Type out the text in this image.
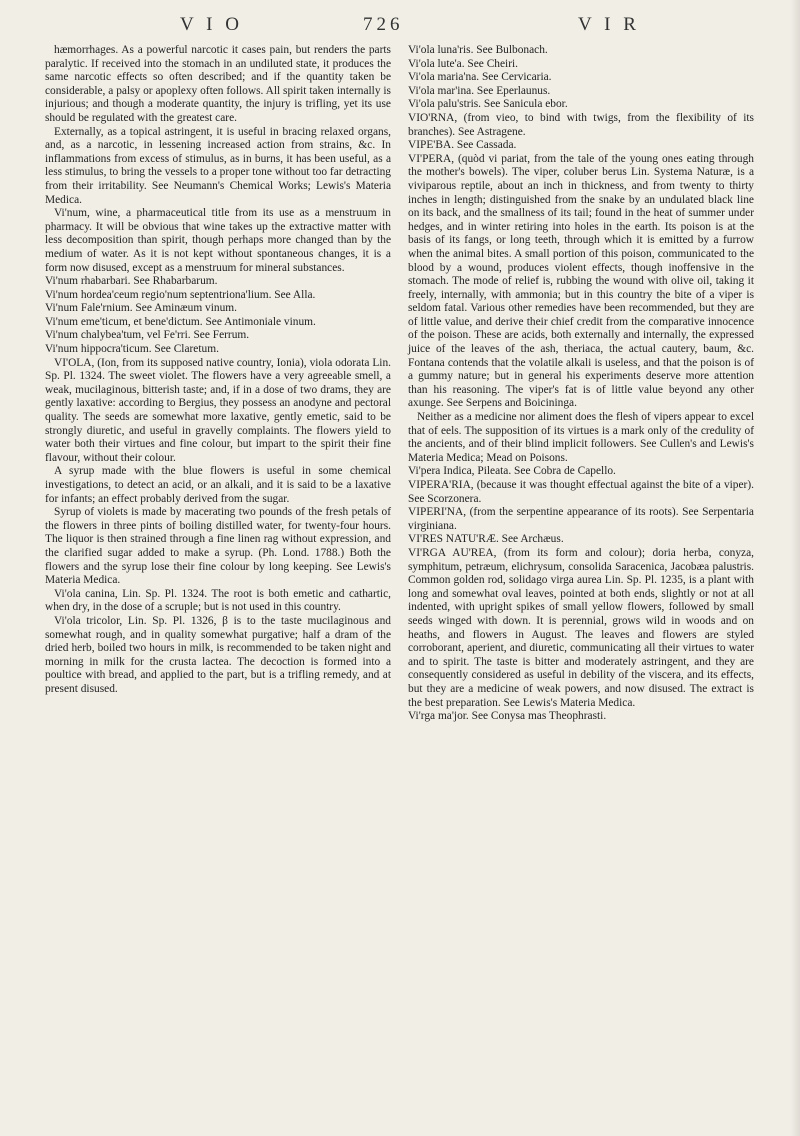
V I O	726	V I R

hæmorrhages. As a powerful narcotic it cases pain, but renders the parts paralytic. If received into the stomach in an undiluted state, it produces the same narcotic effects so often described; and if the quantity taken be considerable, a palsy or apoplexy often follows. All spirit taken internally is injurious; and though a moderate quantity, the injury is trifling, yet its use should be regulated with the greatest care.

Externally, as a topical astringent, it is useful in bracing relaxed organs, and, as a narcotic, in lessening increased action from strains, &c. In inflammations from excess of stimulus, as in burns, it has been useful, as a less stimulus, to bring the vessels to a proper tone without too far detracting from their irritability. See Neumann's Chemical Works; Lewis's Materia Medica.

Vi'num, wine, a pharmaceutical title from its use as a menstruum in pharmacy. It will be obvious that wine takes up the extractive matter with less decomposition than spirit, though perhaps more changed than by the medium of water. As it is not kept without spontaneous changes, it is a form now disused, except as a menstruum for mineral substances.

Vi'num rhabarbari. See Rhabarbarum.

Vi'num hordea'ceum regio'num septentriona'lium. See Alla.

Vi'num Fale'rnium. See Aminæum vinum.

Vi'num eme'ticum, et bene'dictum. See Antimoniale vinum.

Vi'num chalybea'tum, vel Fe'rri. See Ferrum.

Vi'num hippocra'ticum. See Claretum.

VI'OLA, (Ion, from its supposed native country, Ionia), viola odorata Lin. Sp. Pl. 1324. The sweet violet. The flowers have a very agreeable smell, a weak, mucilaginous, bitterish taste; and, if in a dose of two drams, they are gently laxative: according to Bergius, they possess an anodyne and pectoral quality. The seeds are somewhat more laxative, gently emetic, said to be strongly diuretic, and useful in gravelly complaints. The flowers yield to water both their virtues and fine colour, but impart to the spirit their fine flavour, without their colour.

A syrup made with the blue flowers is useful in some chemical investigations, to detect an acid, or an alkali, and it is said to be a laxative for infants; an effect probably derived from the sugar.

Syrup of violets is made by macerating two pounds of the fresh petals of the flowers in three pints of boiling distilled water, for twenty-four hours. The liquor is then strained through a fine linen rag without expression, and the clarified sugar added to make a syrup. (Ph. Lond. 1788.) Both the flowers and the syrup lose their fine colour by long keeping. See Lewis's Materia Medica.

Vi'ola canina, Lin. Sp. Pl. 1324. The root is both emetic and cathartic, when dry, in the dose of a scruple; but is not used in this country.

Vi'ola tricolor, Lin. Sp. Pl. 1326, β is to the taste mucilaginous and somewhat rough, and in quality somewhat purgative; half a dram of the dried herb, boiled two hours in milk, is recommended to be taken night and morning in milk for the crusta lactea. The decoction is formed into a poultice with bread, and applied to the part, but is a trifling remedy, and at present disused.

Vi'ola luna'ris. See Bulbonach.

Vi'ola lute'a. See Cheiri.

Vi'ola maria'na. See Cervicaria.

Vi'ola mar'ina. See Eperlaunus.

Vi'ola palu'stris. See Sanicula ebor.

VIO'RNA, (from vieo, to bind with twigs, from the flexibility of its branches). See Astragene.

VIPE'BA. See Cassada.

VI'PERA, (quòd vi pariat, from the tale of the young ones eating through the mother's bowels). The viper, coluber berus Lin. Systema Naturæ, is a viviparous reptile, about an inch in thickness, and from twenty to thirty inches in length; distinguished from the snake by an undulated black line on its back, and the smallness of its tail; found in the heat of summer under hedges, and in winter retiring into holes in the earth. Its poison is at the basis of its fangs, or long teeth, through which it is emitted by a furrow when the animal bites. A small portion of this poison, communicated to the blood by a wound, produces violent effects, though inoffensive in the stomach. The mode of relief is, rubbing the wound with olive oil, taking it freely, internally, with ammonia; but in this country the bite of a viper is seldom fatal. Various other remedies have been recommended, but they are of little value, and derive their chief credit from the comparative innocence of the poison. These are acids, both externally and internally, the expressed juice of the leaves of the ash, theriaca, the actual cautery, baum, &c. Fontana contends that the volatile alkali is useless, and that the poison is of a gummy nature; but in general his experiments deserve more attention than his reasoning. The viper's fat is of little value beyond any other axunge. See Serpens and Boicininga.

Neither as a medicine nor aliment does the flesh of vipers appear to excel that of eels. The supposition of its virtues is a mark only of the credulity of the ancients, and of their blind implicit followers. See Cullen's and Lewis's Materia Medica; Mead on Poisons.

Vi'pera Indica, Pileata. See Cobra de Capello.

VIPERA'RIA, (because it was thought effectual against the bite of a viper). See Scorzonera.

VIPERI'NA, (from the serpentine appearance of its roots). See Serpentaria virginiana.

VI'RES NATU'RÆ. See Archæus.

VI'RGA AU'REA, (from its form and colour); doria herba, conyza, symphitum, petræum, elichrysum, consolida Saracenica, Jacobæa palustris. Common golden rod, solidago virga aurea Lin. Sp. Pl. 1235, is a plant with long and somewhat oval leaves, pointed at both ends, slightly or not at all indented, with upright spikes of small yellow flowers, followed by small seeds winged with down. It is perennial, grows wild in woods and on heaths, and flowers in August. The leaves and flowers are styled corroborant, aperient, and diuretic, communicating all their virtues to water and to spirit. The taste is bitter and moderately astringent, and they are consequently considered as useful in debility of the viscera, and its effects, but they are a medicine of weak powers, and now disused. The extract is the best preparation. See Lewis's Materia Medica.

Vi'rga ma'jor. See Conysa mas Theophrasti.
